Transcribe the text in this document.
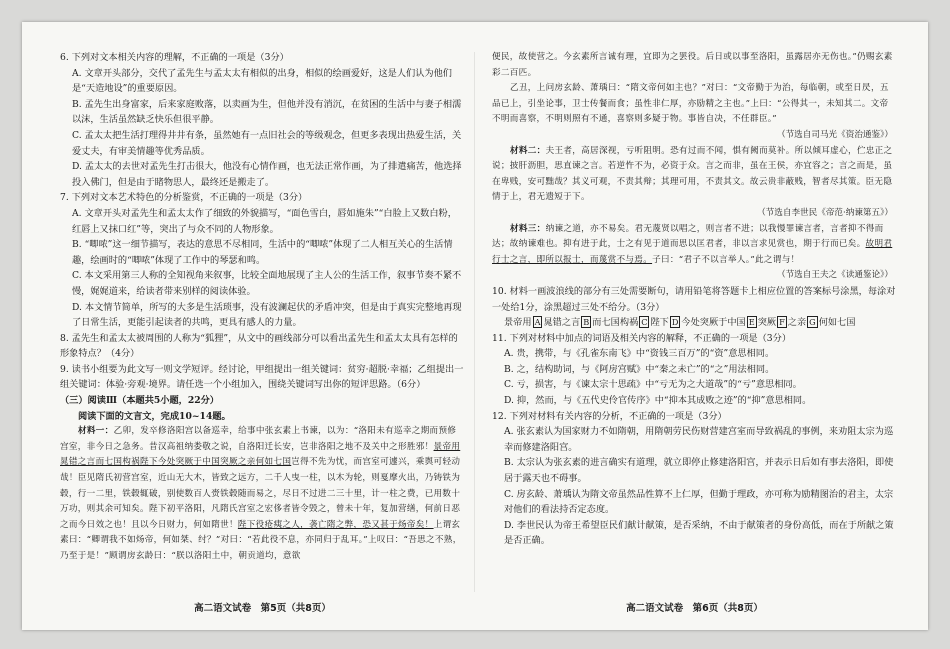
6. 下列对文本相关内容的理解，不正确的一项是（3分）

A. 文章开头部分，交代了孟先生与孟太太有相似的出身，相似的绘画爱好，这是人们认为他们是“天造地设”的重要原因。

B. 孟先生出身富家，后来家庭败落，以卖画为生，但他并没有消沉，在贫困的生活中与妻子相濡以沫，生活虽然缺乏快乐但很平静。

C. 孟太太把生活打理得井井有条，虽然她有一点旧社会的等级观念，但更多表现出热爱生活，关爱丈夫，有审美情趣等优秀品质。

D. 孟太太的去世对孟先生打击很大，他没有心情作画，也无法正常作画，为了排遣痛苦，他选择投入佛门，但是由于睹物思人，最终还是搬走了。

7. 下列对文本艺术特色的分析鉴赏，不正确的一项是（3分）

A. 文章开头对孟先生和孟太太作了细致的外貌描写，“面色雪白，唇如施朱”“白脸上又数白粉，红唇上又抹口红”等，突出了与众不同的人物形象。

B. “唧哝”这一细节描写，表达的意思不尽相同，生活中的“唧哝”体现了二人相互关心的生活情趣，绘画时的“唧哝”体现了工作中的琴瑟和鸣。

C. 本文采用第三人称的全知视角来叙事，比较全面地展现了主人公的生活工作，叙事节奏不紧不慢，娓娓道来，给读者带来别样的阅读体验。

D. 本文情节简单，所写的大多是生活琐事，没有波澜起伏的矛盾冲突，但是由于真实完整地再现了日常生活，更能引起读者的共鸣，更具有感人的力量。

8. 孟先生和孟太太被周围的人称为“狐狸”，从文中的画线部分可以看出孟先生和孟太太具有怎样的形象特点？（4分）

9. 读书小组要为此文写一则文学短评。经讨论，甲组提出一组关键词：贫穷·超脱·幸福；乙组提出一组关键词：体验·旁观·境界。请任选一个小组加入，围绕关键词写出你的短评思路。（6分）

（三）阅读Ⅲ（本题共5小题，22分）

阅读下面的文言文，完成10~14题。

材料一：乙卯，发卒修洛阳宫以备巡幸，给事中张玄素上书谏，以为：“洛阳未有巡幸之期而预修宫室，非今日之急务。昔汉高祖纳娄敬之说，自洛阳迁长安，岂非洛阳之地不及关中之形胜邪！景帝用晁错之言而七国构祸陛下今处突厥于中国突厥之亲何如七国岂得不先为忧，而宫室可遽兴，乘舆可轻动哉！臣见隋氏初营宫室，近山无大木，皆致之远方，二千人曳一柱，以木为轮，则戛摩火出，乃铸铁为毂，行一二里，铁毂辄破，别使数百人赍铁毂随而易之，尽日不过进二三十里，计一柱之费，已用数十万功，则其余可知矣。陛下初平洛阳，凡隋氏宫室之宏侈者皆令毁之，曾未十年，复加营缮，何前日恶之而今日效之也！且以今日财力，何如隋世！陛下役疮痍之人，袭亡隋之弊，恐又甚于炀帝矣！上谓玄素曰：“卿谓我不如炀帝，何如桀、纣？”对曰：“若此役不息，亦同归于乱耳。”上叹曰：“吾思之不熟，乃至于是！”顾谓房玄龄曰：“朕以洛阳土中，朝贡道均，意欲

便民，故使营之。今玄素所言诚有理，宜即为之罢役。后日或以事至洛阳，虽露居亦无伤也。”仍赐玄素彩二百匹。

乙丑，上问房玄龄、萧瑀曰：“隋文帝何如主也？”对曰：“文帝勤于为治，每临朝，或至日昃，五品已上，引坐论事，卫士传餐而食；虽性非仁厚，亦励精之主也。”上曰：“公得其一，未知其二。文帝不明而喜察，不明则照有不通，喜察则多疑于物。事皆自决，不任群臣。”

（节选自司马光《资治通鉴》）

材料二：夫王者，高居深视，亏听阻明。恐有过而不闻，惧有阙而莫补。所以倾耳虚心，伫忠正之说；披肝沥胆，思直谏之言。若逆忤不为，必资于众。言之而非，虽在王侯，亦宜容之；言之而是，虽在卑贱，安可黜哉？其义可观，不责其辩；其理可用，不责其文。故云贵非蔽贱，智者尽其策。臣无隐情于上，君无遗短于下。

（节选自李世民《帝范·纳谏第五》）

材料三：纳谏之道，亦不易矣。君无蔑贤以唱之，则言者不进；以我慢罪谏言者，言者抑不得而达；故纳谏难也。抑有进于此，士之有见于道而思以匡君者，非以言求见赏也，期于行而已矣。故明君行士之言，即所以报士，而蔑赏不与焉。子曰：“君子不以言举人。”此之谓与！

（节选自王夫之《读通鉴论》）

10. 材料一画波浪线的部分有三处需要断句，请用铅笔将答题卡上相应位置的答案标号涂黑，每涂对一处给1分，涂黑超过三处不给分。（3分）

景帝用 A 晁错之言 B 而七国构祸 C 陛下 D 今处突厥于中国 E 突厥 F 之亲 G 何如七国

11. 下列对材料中加点的词语及相关内容的解释，不正确的一项是（3分）

A. 贵，携带，与《孔雀东南飞》中“资钱三百万”的“资”意思相同。

B. 之，结构助词，与《阿房宫赋》中“秦之未亡”的“之”用法相同。

C. 亏，损害，与《谏太宗十思疏》中“亏无为之大道哉”的“亏”意思相同。

D. 抑，然而，与《五代史伶官传序》中“抑本其成败之迹”的“抑”意思相同。

12. 下列对材料有关内容的分析，不正确的一项是（3分）

A. 张玄素认为国家财力不如隋朝，用隋朝劳民伤财营建宫室而导致祸乱的事例，来劝阻太宗为巡幸而修建洛阳宫。

B. 太宗认为张玄素的进言确实有道理，就立即停止修建洛阳宫，并表示日后如有事去洛阳，即使居于露天也不碍事。

C. 房玄龄、萧瑀认为隋文帝虽然品性算不上仁厚，但勤于理政，亦可称为励精图治的君主，太宗对他们的看法持否定态度。

D. 李世民认为帝王希望臣民们献计献策，是否采纳，不由于献策者的身份高低，而在于所献之策是否正确。

高二语文试卷　第5页（共8页）	高二语文试卷　第6页（共8页）
